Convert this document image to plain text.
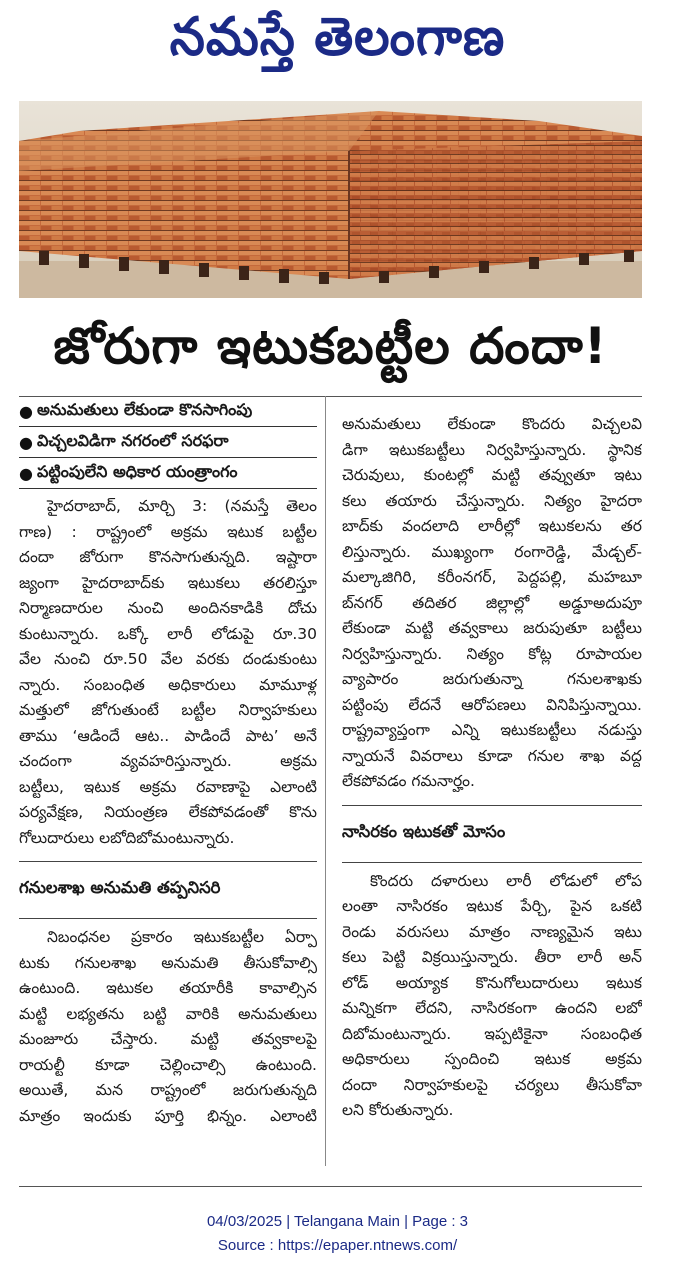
నమస్తే తెలంగాణ
జోరుగా ఇటుకబట్టీల దందా!
● అనుమతులు లేకుండా కొనసాగింపు
● విచ్చలవిడిగా నగరంలో సరఫరా
● పట్టింపులేని అధికార యంత్రాంగం
హైదరాబాద్, మార్చి 3: (నమస్తే తెలం
గాణ) : రాష్ట్రంలో అక్రమ ఇటుక బట్టీల
దందా జోరుగా కొనసాగుతున్నది. ఇష్టారా
జ్యంగా హైదరాబాద్‌కు ఇటుకలు తరలిస్తూ
నిర్మాణదారుల నుంచి అందినకాడికి దోచు
కుంటున్నారు. ఒక్కో లారీ లోడుపై రూ.30
వేల నుంచి రూ.50 వేల వరకు దండుకుంటు
న్నారు. సంబంధిత అధికారులు మామూళ్ల
మత్తులో జోగుతుంటే బట్టీల నిర్వాహకులు
తాము ‘ఆడిందే ఆట.. పాడిందే పాట’ అనే
చందంగా వ్యవహరిస్తున్నారు. అక్రమ
బట్టీలు, ఇటుక అక్రమ రవాణాపై ఎలాంటి
పర్యవేక్షణ, నియంత్రణ లేకపోవడంతో కొను
గోలుదారులు లబోదిబోమంటున్నారు.
గనులశాఖ అనుమతి తప్పనిసరి
నిబంధనల ప్రకారం ఇటుకబట్టీల ఏర్పా
టుకు గనులశాఖ అనుమతి తీసుకోవాల్సి
ఉంటుంది. ఇటుకల తయారీకి కావాల్సిన
మట్టి లభ్యతను బట్టి వారికి అనుమతులు
మంజూరు చేస్తారు. మట్టి తవ్వకాలపై
రాయల్టీ కూడా చెల్లించాల్సి ఉంటుంది.
అయితే, మన రాష్ట్రంలో జరుగుతున్నది
మాత్రం ఇందుకు పూర్తి భిన్నం. ఎలాంటి
అనుమతులు లేకుండా కొందరు విచ్చలవి
డిగా ఇటుకబట్టీలు నిర్వహిస్తున్నారు. స్థానిక
చెరువులు, కుంటల్లో మట్టి తవ్వుతూ ఇటు
కలు తయారు చేస్తున్నారు. నిత్యం హైదరా
బాద్‌కు వందలాది లారీల్లో ఇటుకలను తర
లిస్తున్నారు. ముఖ్యంగా రంగారెడ్డి, మేడ్చల్-
మల్కాజిగిరి, కరీంనగర్, పెద్దపల్లి, మహబూ
బ్‌నగర్ తదితర జిల్లాల్లో అడ్డూఅదుపూ
లేకుండా మట్టి తవ్వకాలు జరుపుతూ బట్టీలు
నిర్వహిస్తున్నారు. నిత్యం కోట్ల రూపాయల
వ్యాపారం జరుగుతున్నా గనులశాఖకు
పట్టింపు లేదనే ఆరోపణలు వినిపిస్తున్నాయి.
రాష్ట్రవ్యాప్తంగా ఎన్ని ఇటుకబట్టీలు నడుస్తు
న్నాయనే వివరాలు కూడా గనుల శాఖ వద్ద
లేకపోవడం గమనార్హం.
నాసిరకం ఇటుకతో మోసం
కొందరు దళారులు లారీ లోడులో లోప
లంతా నాసిరకం ఇటుక పేర్చి, పైన ఒకటి
రెండు వరుసలు మాత్రం నాణ్యమైన ఇటు
కలు పెట్టి విక్రయిస్తున్నారు. తీరా లారీ అన్
లోడ్ అయ్యాక కొనుగోలుదారులు ఇటుక
మన్నికగా లేదని, నాసిరకంగా ఉందని లబో
దిబోమంటున్నారు. ఇప్పటికైనా సంబంధిత
అధికారులు స్పందించి ఇటుక అక్రమ
దందా నిర్వాహకులపై చర్యలు తీసుకోవా
లని కోరుతున్నారు.
04/03/2025 | Telangana Main | Page : 3
Source : https://epaper.ntnews.com/
